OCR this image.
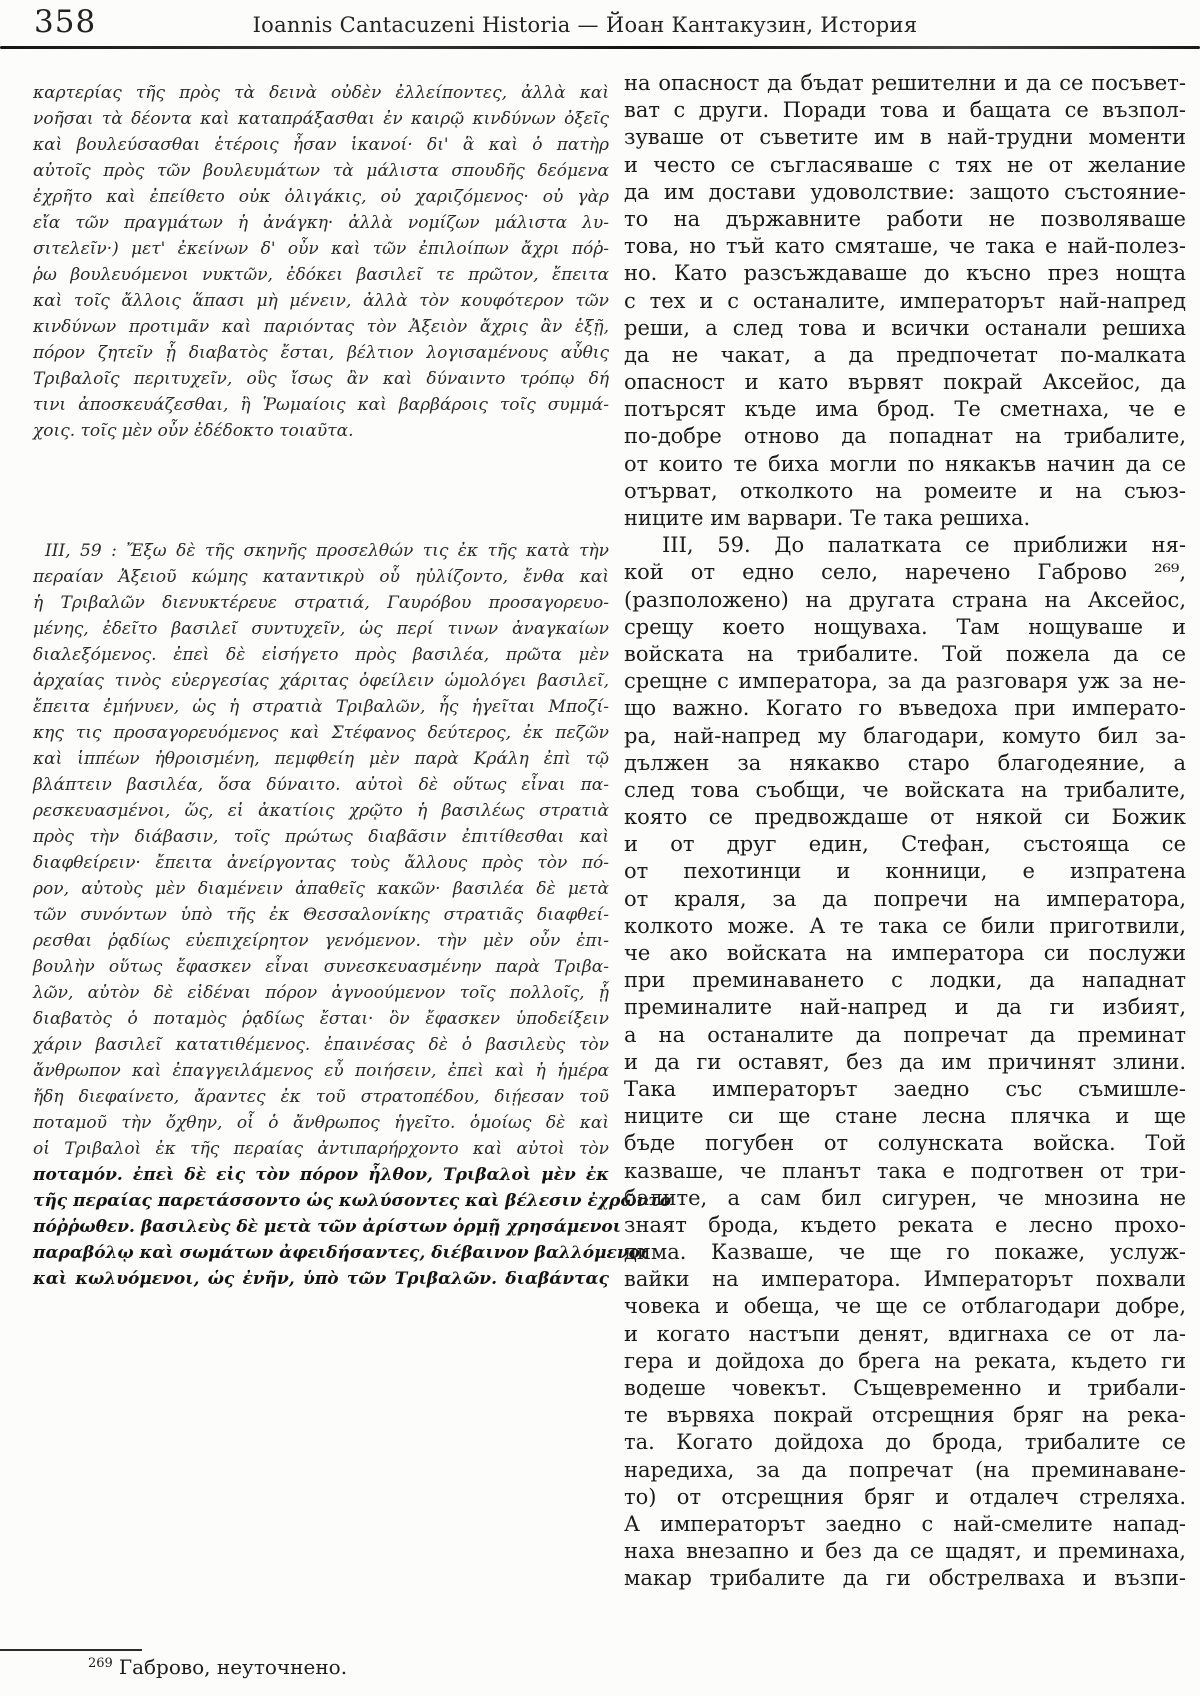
358	Ioannis Cantacuzeni Historia — Йоан Кантакузин, История
καρτερίας τῆς πρὸς τὰ δεινὰ οὐδὲν ἐλλείποντες, ἀλλὰ καὶ
νοῆσαι τὰ δέοντα καὶ καταπράξασθαι ἐν καιρῷ κινδύνων ὀξεῖς
καὶ βουλεύσασθαι ἑτέροις ἦσαν ἱκανοί· δι' ἃ καὶ ὁ πατὴρ
αὐτοῖς πρὸς τῶν βουλευμάτων τὰ μάλιστα σπουδῆς δεόμενα
ἐχρῆτο καὶ ἐπείθετο οὐκ ὀλιγάκις, οὐ χαριζόμενος· οὐ γὰρ
εἴα τῶν πραγμάτων ἡ ἀνάγκη· ἀλλὰ νομίζων μάλιστα λυ-
σιτελεῖν·) μετ' ἐκείνων δ' οὖν καὶ τῶν ἐπιλοίπων ἄχρι πόῤ-
ῥω βουλευόμενοι νυκτῶν, ἐδόκει βασιλεῖ τε πρῶτον, ἔπειτα
καὶ τοῖς ἄλλοις ἅπασι μὴ μένειν, ἀλλὰ τὸν κουφότερον τῶν
κινδύνων προτιμᾶν καὶ παριόντας τὸν Ἀξειὸν ἄχρις ἂν ἑξῇ,
πόρον ζητεῖν ᾗ διαβατὸς ἔσται, βέλτιον λογισαμένους αὖθις
Τριβαλοῖς περιτυχεῖν, οὓς ἴσως ἂν καὶ δύναιντο τρόπῳ δή
τινι ἀποσκευάζεσθαι, ἢ Ῥωμαίοις καὶ βαρβάροις τοῖς συμμά-
χοις. τοῖς μὲν οὖν ἐδέδοκτο τοιαῦτα.
III, 59 : Ἔξω δὲ τῆς σκηνῆς προσελθών τις ἐκ τῆς κατὰ τὴν
περαίαν Ἀξειοῦ κώμης καταντικρὺ οὗ ηὐλίζοντο, ἔνθα καὶ
ἡ Τριβαλῶν διενυκτέρευε στρατιά, Γαυρόβου προσαγορευο-
μένης, ἐδεῖτο βασιλεῖ συντυχεῖν, ὡς περί τινων ἀναγκαίων
διαλεξόμενος. ἐπεὶ δὲ εἰσήγετο πρὸς βασιλέα, πρῶτα μὲν
ἀρχαίας τινὸς εὐεργεσίας χάριτας ὀφείλειν ὡμολόγει βασιλεῖ,
ἔπειτα ἐμήνυεν, ὡς ἡ στρατιὰ Τριβαλῶν, ἧς ἡγεῖται Μποζί-
κης τις προσαγορευόμενος καὶ Στέφανος δεύτερος, ἐκ πεζῶν
καὶ ἱππέων ἠθροισμένη, πεμφθείη μὲν παρὰ Κράλη ἐπὶ τῷ
βλάπτειν βασιλέα, ὅσα δύναιτο. αὐτοὶ δὲ οὕτως εἶναι πα-
ρεσκευασμένοι, ὥς, εἰ ἀκατίοις χρῷτο ἡ βασιλέως στρατιὰ
πρὸς τὴν διάβασιν, τοῖς πρώτως διαβᾶσιν ἐπιτίθεσθαι καὶ
διαφθείρειν· ἔπειτα ἀνείργοντας τοὺς ἄλλους πρὸς τὸν πό-
ρον, αὐτοὺς μὲν διαμένειν ἀπαθεῖς κακῶν· βασιλέα δὲ μετὰ
τῶν συνόντων ὑπὸ τῆς ἐκ Θεσσαλονίκης στρατιᾶς διαφθεί-
ρεσθαι ῥᾳδίως εὐεπιχείρητον γενόμενον. τὴν μὲν οὖν ἐπι-
βουλὴν οὕτως ἔφασκεν εἶναι συνεσκευασμένην παρὰ Τριβα-
λῶν, αὐτὸν δὲ εἰδέναι πόρον ἀγνοούμενον τοῖς πολλοῖς, ᾗ
διαβατὸς ὁ ποταμὸς ῥᾳδίως ἔσται· ὃν ἔφασκεν ὑποδείξειν
χάριν βασιλεῖ κατατιθέμενος. ἐπαινέσας δὲ ὁ βασιλεὺς τὸν
ἄνθρωπον καὶ ἐπαγγειλάμενος εὖ ποιήσειν, ἐπεὶ καὶ ἡ ἡμέρα
ἤδη διεφαίνετο, ἄραντες ἐκ τοῦ στρατοπέδου, διῄεσαν τοῦ
ποταμοῦ τὴν ὄχθην, οἷ ὁ ἄνθρωπος ἡγεῖτο. ὁμοίως δὲ καὶ
οἱ Τριβαλοὶ ἐκ τῆς περαίας ἀντιπαρήρχοντο καὶ αὐτοὶ τὸν
ποταμόν. ἐπεὶ δὲ εἰς τὸν πόρον ἦλθον, Τριβαλοὶ μὲν ἐκ
τῆς περαίας παρετάσσοντο ὡς κωλύσοντες καὶ βέλεσιν ἐχρῶντο
πόῤῥωθεν. βασιλεὺς δὲ μετὰ τῶν ἀρίστων ὁρμῇ χρησάμενοι
παραβόλῳ καὶ σωμάτων ἀφειδήσαντες, διέβαινον βαλλόμενοι
καὶ κωλυόμενοι, ὡς ἐνῆν, ὑπὸ τῶν Τριβαλῶν. διαβάντας
на опасност да бъдат решителни и да се посъвет-
ват с други. Поради това и бащата се възпол-
зуваше от съветите им в най-трудни моменти
и често се съгласяваше с тях не от желание
да им достави удоволствие: защото състояние-
то на държавните работи не позволяваше
това, но тъй като смяташе, че така е най-полез-
но. Като разсъждаваше до късно през нощта
с тех и с останалите, императорът най-напред
реши, а след това и всички останали решиха
да не чакат, а да предпочетат по-малката
опасност и като вървят покрай Аксейос, да
потърсят къде има брод. Те сметнаха, че е
по-добре отново да попаднат на трибалите,
от които те биха могли по някакъв начин да се
отърват, отколкото на ромеите и на съюз-
ниците им варвари. Те така решиха.
III, 59. До палатката се приближи ня-
кой от едно село, наречено Габрово ²⁶⁹,
(разположено) на другата страна на Аксейос,
срещу което нощуваха. Там нощуваше и
войската на трибалите. Той пожела да се
срещне с императора, за да разговаря уж за не-
що важно. Когато го въведоха при императо-
ра, най-напред му благодари, комуто бил за-
дължен за някакво старо благодеяние, а
след това съобщи, че войската на трибалите,
която се предвождаше от някой си Божик
и от друг един, Стефан, състояща се
от пехотинци и конници, е изпратена
от краля, за да попречи на императора,
колкото може. А те така се били приготвили,
че ако войската на императора си послужи
при преминаването с лодки, да нападнат
преминалите най-напред и да ги избият,
а на останалите да попречат да преминат
и да ги оставят, без да им причинят злини.
Така императорът заедно със съмишле-
ниците си ще стане лесна плячка и ще
бъде погубен от солунската войска. Той
казваше, че планът така е подготвен от три-
балите, а сам бил сигурен, че мнозина не
знаят брода, където реката е лесно прохо-
дима. Казваше, че ще го покаже, услуж-
вайки на императора. Императорът похвали
човека и обеща, че ще се отблагодари добре,
и когато настъпи денят, вдигнаха се от ла-
гера и дойдоха до брега на реката, където ги
водеше човекът. Същевременно и трибали-
те вървяха покрай отсрещния бряг на река-
та. Когато дойдоха до брода, трибалите се
наредиха, за да попречат (на преминаване-
то) от отсрещния бряг и отдалеч стреляха.
А императорът заедно с най-смелите напад-
наха внезапно и без да се щадят, и преминаха,
макар трибалите да ги обстрелваха и възпи-
$^{269}$ Габрово, неуточнено.
